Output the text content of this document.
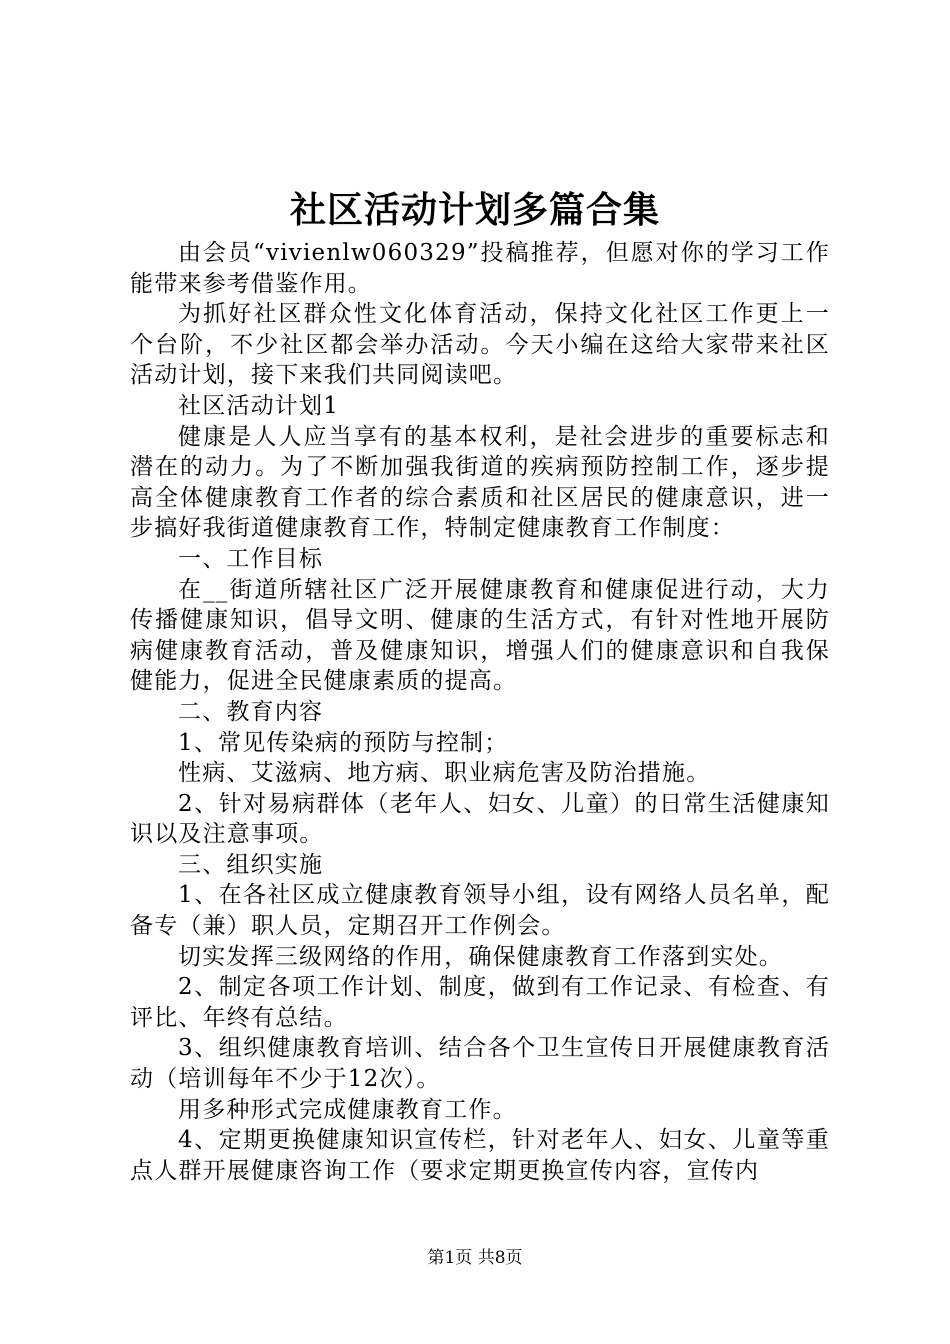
社区活动计划多篇合集

由会员“vivienlw060329”投稿推荐，但愿对你的学习工作能带来参考借鉴作用。

为抓好社区群众性文化体育活动，保持文化社区工作更上一个台阶，不少社区都会举办活动。今天小编在这给大家带来社区活动计划，接下来我们共同阅读吧。

社区活动计划1

健康是人人应当享有的基本权利，是社会进步的重要标志和潜在的动力。为了不断加强我街道的疾病预防控制工作，逐步提高全体健康教育工作者的综合素质和社区居民的健康意识，进一步搞好我街道健康教育工作，特制定健康教育工作制度：

一、工作目标

在__街道所辖社区广泛开展健康教育和健康促进行动，大力传播健康知识，倡导文明、健康的生活方式，有针对性地开展防病健康教育活动，普及健康知识，增强人们的健康意识和自我保健能力，促进全民健康素质的提高。

二、教育内容

1、常见传染病的预防与控制；

性病、艾滋病、地方病、职业病危害及防治措施。

2、针对易病群体（老年人、妇女、儿童）的日常生活健康知识以及注意事项。

三、组织实施

1、在各社区成立健康教育领导小组，设有网络人员名单，配备专（兼）职人员，定期召开工作例会。

切实发挥三级网络的作用，确保健康教育工作落到实处。

2、制定各项工作计划、制度，做到有工作记录、有检查、有评比、年终有总结。

3、组织健康教育培训、结合各个卫生宣传日开展健康教育活动（培训每年不少于12次）。

用多种形式完成健康教育工作。

4、定期更换健康知识宣传栏，针对老年人、妇女、儿童等重点人群开展健康咨询工作（要求定期更换宣传内容，宣传内

第1页 共8页
